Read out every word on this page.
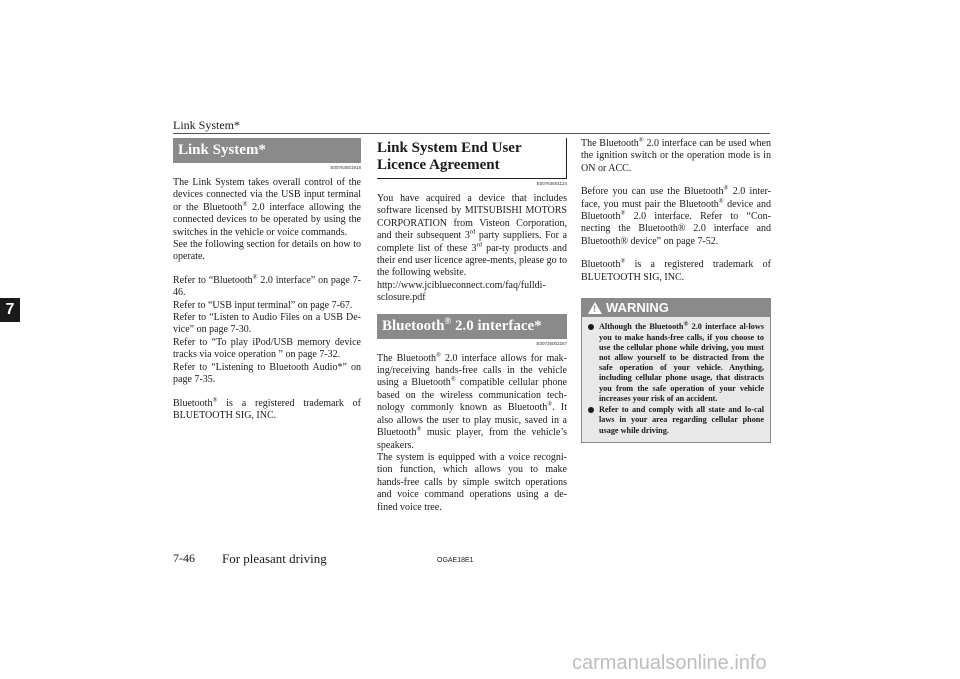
Link System*
7
Link System*
E00764501918

The Link System takes overall control of the devices connected via the USB input terminal or the Bluetooth® 2.0 interface allowing the connected devices to be operated by using the switches in the vehicle or voice commands.

See the following section for details on how to operate.

Refer to “Bluetooth® 2.0 interface” on page 7-46.

Refer to “USB input terminal” on page 7-67.

Refer to “Listen to Audio Files on a USB De-vice” on page 7-30.

Refer to “To play iPod/USB memory device tracks via voice operation ” on page 7-32.

Refer to “Listening to Bluetooth Audio*” on page 7-35.

Bluetooth® is a registered trademark of BLUETOOTH SIG, INC.

Link System End User Licence Agreement
E00764601124

You have acquired a device that includes software licensed by MITSUBISHI MOTORS CORPORATION from Visteon Corporation, and their subsequent 3rd party suppliers. For a complete list of these 3rd par-ty products and their end user licence agree-ments, please go to the following website.

http://www.jciblueconnect.com/faq/fulldi-sclosure.pdf

Bluetooth® 2.0 interface*
E00726002257

The Bluetooth® 2.0 interface allows for mak-ing/receiving hands-free calls in the vehicle using a Bluetooth® compatible cellular phone based on the wireless communication tech-nology commonly known as Bluetooth®. It also allows the user to play music, saved in a Bluetooth® music player, from the vehicle’s speakers.

The system is equipped with a voice recogni-tion function, which allows you to make hands-free calls by simple switch operations and voice command operations using a de-fined voice tree.

The Bluetooth® 2.0 interface can be used when the ignition switch or the operation mode is in ON or ACC.

Before you can use the Bluetooth® 2.0 inter-face, you must pair the Bluetooth® device and Bluetooth® 2.0 interface. Refer to “Con-necting the Bluetooth® 2.0 interface and Bluetooth® device” on page 7-52.

Bluetooth® is a registered trademark of BLUETOOTH SIG, INC.

! WARNING
Although the Bluetooth® 2.0 interface al-lows you to make hands-free calls, if you choose to use the cellular phone while driving, you must not allow yourself to be distracted from the safe operation of your vehicle. Anything, including cellular phone usage, that distracts you from the safe operation of your vehicle increases your risk of an accident.
Refer to and comply with all state and lo-cal laws in your area regarding cellular phone usage while driving.
7-46 For pleasant driving	OGAE18E1
carmanualsonline.info
